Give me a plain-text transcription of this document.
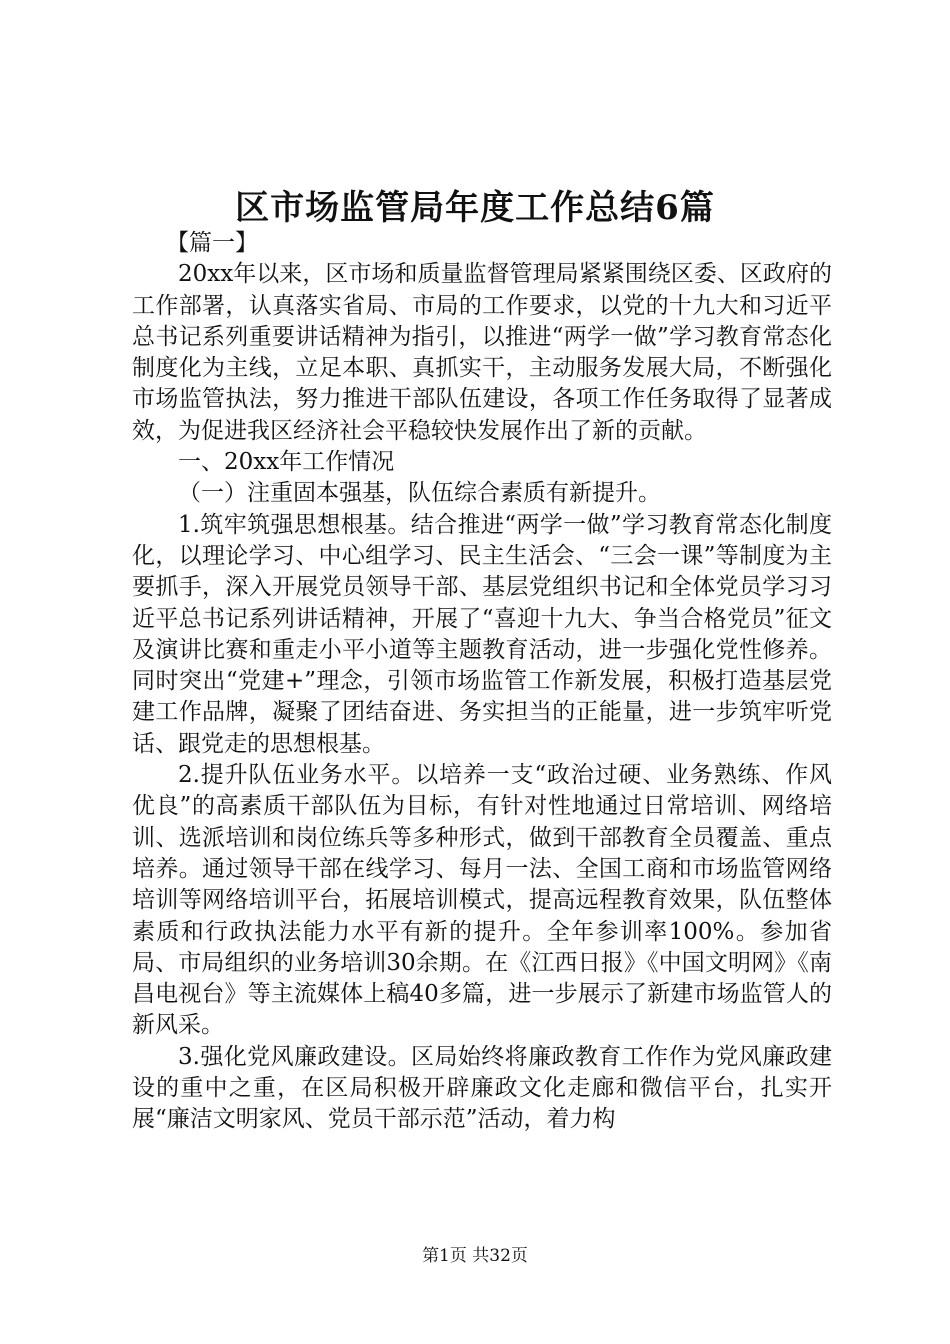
区市场监管局年度工作总结6篇

【篇一】

20xx年以来，区市场和质量监督管理局紧紧围绕区委、区政府的工作部署，认真落实省局、市局的工作要求，以党的十九大和习近平总书记系列重要讲话精神为指引，以推进“两学一做”学习教育常态化制度化为主线，立足本职、真抓实干，主动服务发展大局，不断强化市场监管执法，努力推进干部队伍建设，各项工作任务取得了显著成效，为促进我区经济社会平稳较快发展作出了新的贡献。

一、20xx年工作情况

（一）注重固本强基，队伍综合素质有新提升。

1.筑牢筑强思想根基。结合推进“两学一做”学习教育常态化制度化，以理论学习、中心组学习、民主生活会、“三会一课”等制度为主要抓手，深入开展党员领导干部、基层党组织书记和全体党员学习习近平总书记系列讲话精神，开展了“喜迎十九大、争当合格党员”征文及演讲比赛和重走小平小道等主题教育活动，进一步强化党性修养。同时突出“党建+”理念，引领市场监管工作新发展，积极打造基层党建工作品牌，凝聚了团结奋进、务实担当的正能量，进一步筑牢听党话、跟党走的思想根基。

2.提升队伍业务水平。以培养一支“政治过硬、业务熟练、作风优良”的高素质干部队伍为目标，有针对性地通过日常培训、网络培训、选派培训和岗位练兵等多种形式，做到干部教育全员覆盖、重点培养。通过领导干部在线学习、每月一法、全国工商和市场监管网络培训等网络培训平台，拓展培训模式，提高远程教育效果，队伍整体素质和行政执法能力水平有新的提升。全年参训率100%。参加省局、市局组织的业务培训30余期。在《江西日报》《中国文明网》《南昌电视台》等主流媒体上稿40多篇，进一步展示了新建市场监管人的新风采。

3.强化党风廉政建设。区局始终将廉政教育工作作为党风廉政建设的重中之重，在区局积极开辟廉政文化走廊和微信平台，扎实开展“廉洁文明家风、党员干部示范”活动，着力构

第1页 共32页
